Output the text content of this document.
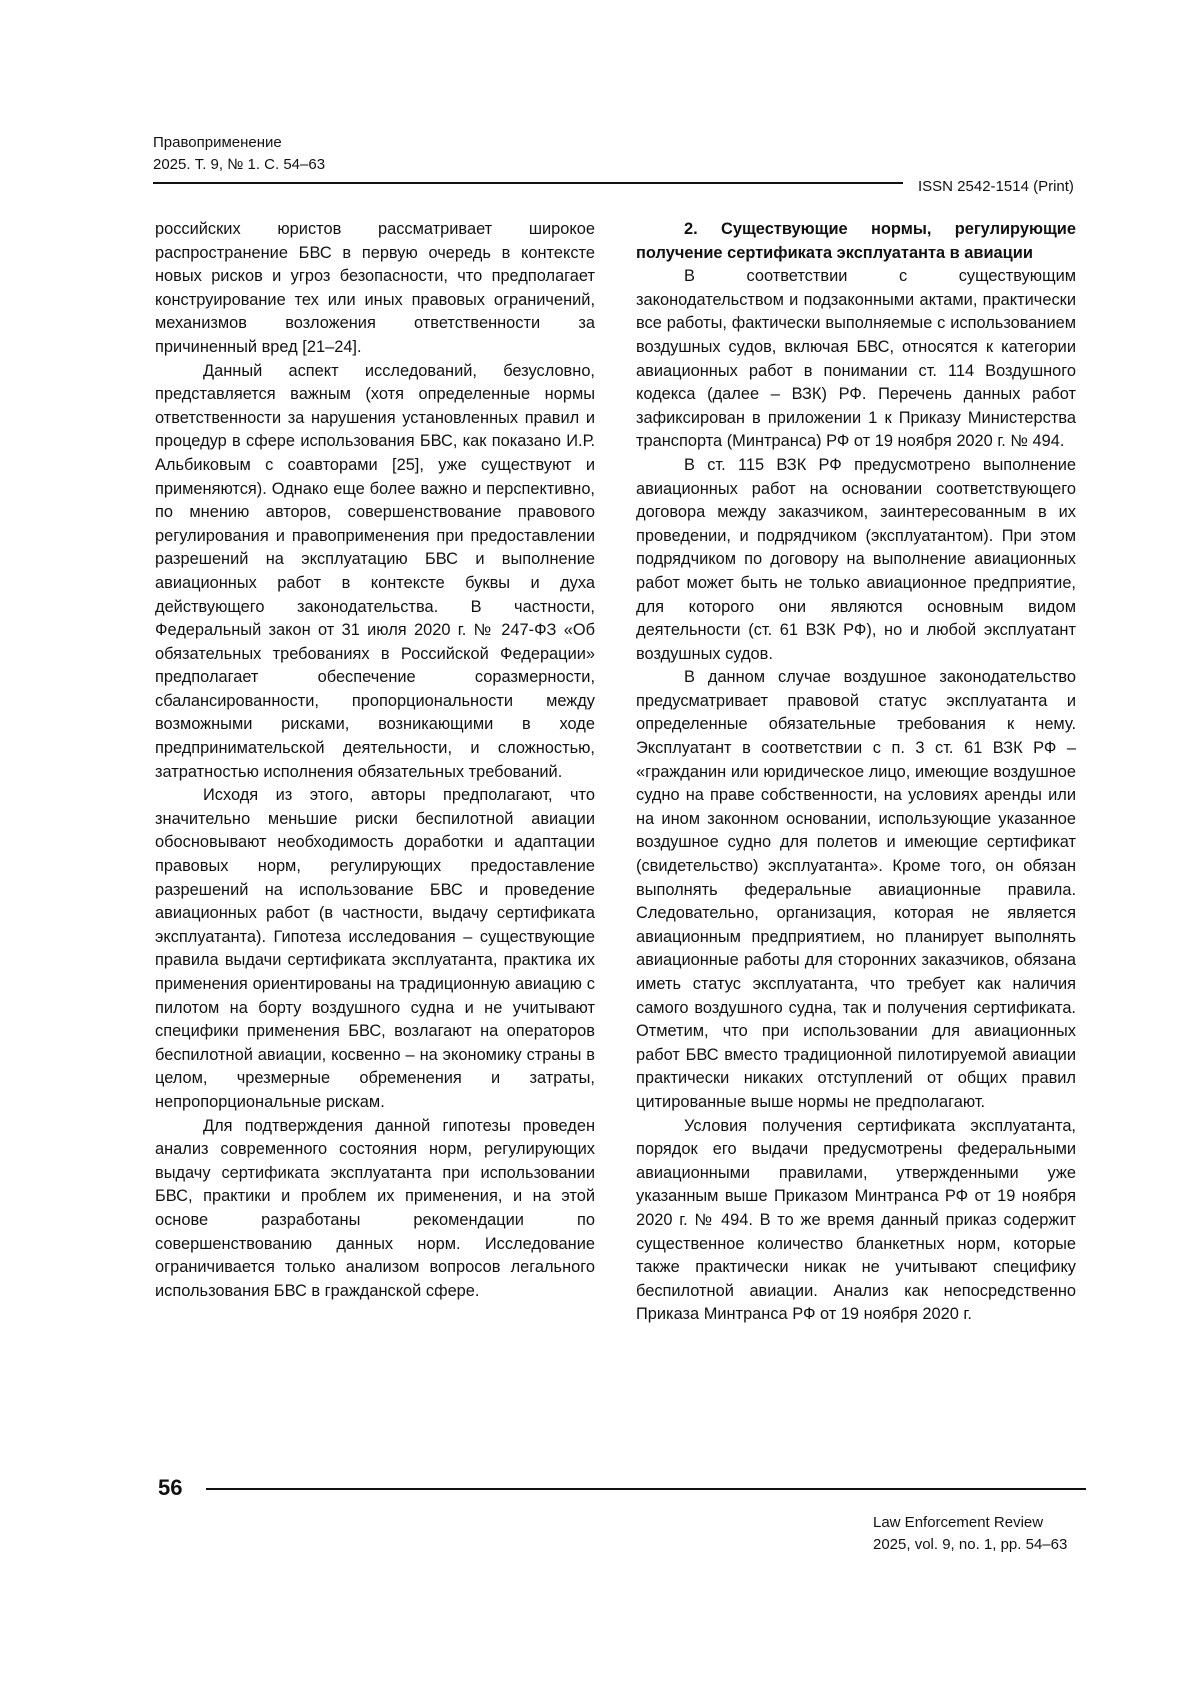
Правоприменение
2025. Т. 9, № 1. С. 54–63
ISSN 2542-1514 (Print)

российских юристов рассматривает широкое распространение БВС в первую очередь в контексте новых рисков и угроз безопасности, что предполагает конструирование тех или иных правовых ограничений, механизмов возложения ответственности за причиненный вред [21–24].

Данный аспект исследований, безусловно, представляется важным (хотя определенные нормы ответственности за нарушения установленных правил и процедур в сфере использования БВС, как показано И.Р. Альбиковым с соавторами [25], уже существуют и применяются). Однако еще более важно и перспективно, по мнению авторов, совершенствование правового регулирования и правоприменения при предоставлении разрешений на эксплуатацию БВС и выполнение авиационных работ в контексте буквы и духа действующего законодательства. В частности, Федеральный закон от 31 июля 2020 г. № 247-ФЗ «Об обязательных требованиях в Российской Федерации» предполагает обеспечение соразмерности, сбалансированности, пропорциональности между возможными рисками, возникающими в ходе предпринимательской деятельности, и сложностью, затратностью исполнения обязательных требований.

Исходя из этого, авторы предполагают, что значительно меньшие риски беспилотной авиации обосновывают необходимость доработки и адаптации правовых норм, регулирующих предоставление разрешений на использование БВС и проведение авиационных работ (в частности, выдачу сертификата эксплуатанта). Гипотеза исследования – существующие правила выдачи сертификата эксплуатанта, практика их применения ориентированы на традиционную авиацию с пилотом на борту воздушного судна и не учитывают специфики применения БВС, возлагают на операторов беспилотной авиации, косвенно – на экономику страны в целом, чрезмерные обременения и затраты, непропорциональные рискам.

Для подтверждения данной гипотезы проведен анализ современного состояния норм, регулирующих выдачу сертификата эксплуатанта при использовании БВС, практики и проблем их применения, и на этой основе разработаны рекомендации по совершенствованию данных норм. Исследование ограничивается только анализом вопросов легального использования БВС в гражданской сфере.

2. Существующие нормы, регулирующие получение сертификата эксплуатанта в авиации

В соответствии с существующим законодательством и подзаконными актами, практически все работы, фактически выполняемые с использованием воздушных судов, включая БВС, относятся к категории авиационных работ в понимании ст. 114 Воздушного кодекса (далее – ВЗК) РФ. Перечень данных работ зафиксирован в приложении 1 к Приказу Министерства транспорта (Минтранса) РФ от 19 ноября 2020 г. № 494.

В ст. 115 ВЗК РФ предусмотрено выполнение авиационных работ на основании соответствующего договора между заказчиком, заинтересованным в их проведении, и подрядчиком (эксплуатантом). При этом подрядчиком по договору на выполнение авиационных работ может быть не только авиационное предприятие, для которого они являются основным видом деятельности (ст. 61 ВЗК РФ), но и любой эксплуатант воздушных судов.

В данном случае воздушное законодательство предусматривает правовой статус эксплуатанта и определенные обязательные требования к нему. Эксплуатант в соответствии с п. 3 ст. 61 ВЗК РФ – «гражданин или юридическое лицо, имеющие воздушное судно на праве собственности, на условиях аренды или на ином законном основании, использующие указанное воздушное судно для полетов и имеющие сертификат (свидетельство) эксплуатанта». Кроме того, он обязан выполнять федеральные авиационные правила. Следовательно, организация, которая не является авиационным предприятием, но планирует выполнять авиационные работы для сторонних заказчиков, обязана иметь статус эксплуатанта, что требует как наличия самого воздушного судна, так и получения сертификата. Отметим, что при использовании для авиационных работ БВС вместо традиционной пилотируемой авиации практически никаких отступлений от общих правил цитированные выше нормы не предполагают.

Условия получения сертификата эксплуатанта, порядок его выдачи предусмотрены федеральными авиационными правилами, утвержденными уже указанным выше Приказом Минтранса РФ от 19 ноября 2020 г. № 494. В то же время данный приказ содержит существенное количество бланкетных норм, которые также практически никак не учитывают специфику беспилотной авиации. Анализ как непосредственно Приказа Минтранса РФ от 19 ноября 2020 г.

56
Law Enforcement Review
2025, vol. 9, no. 1, pp. 54–63
